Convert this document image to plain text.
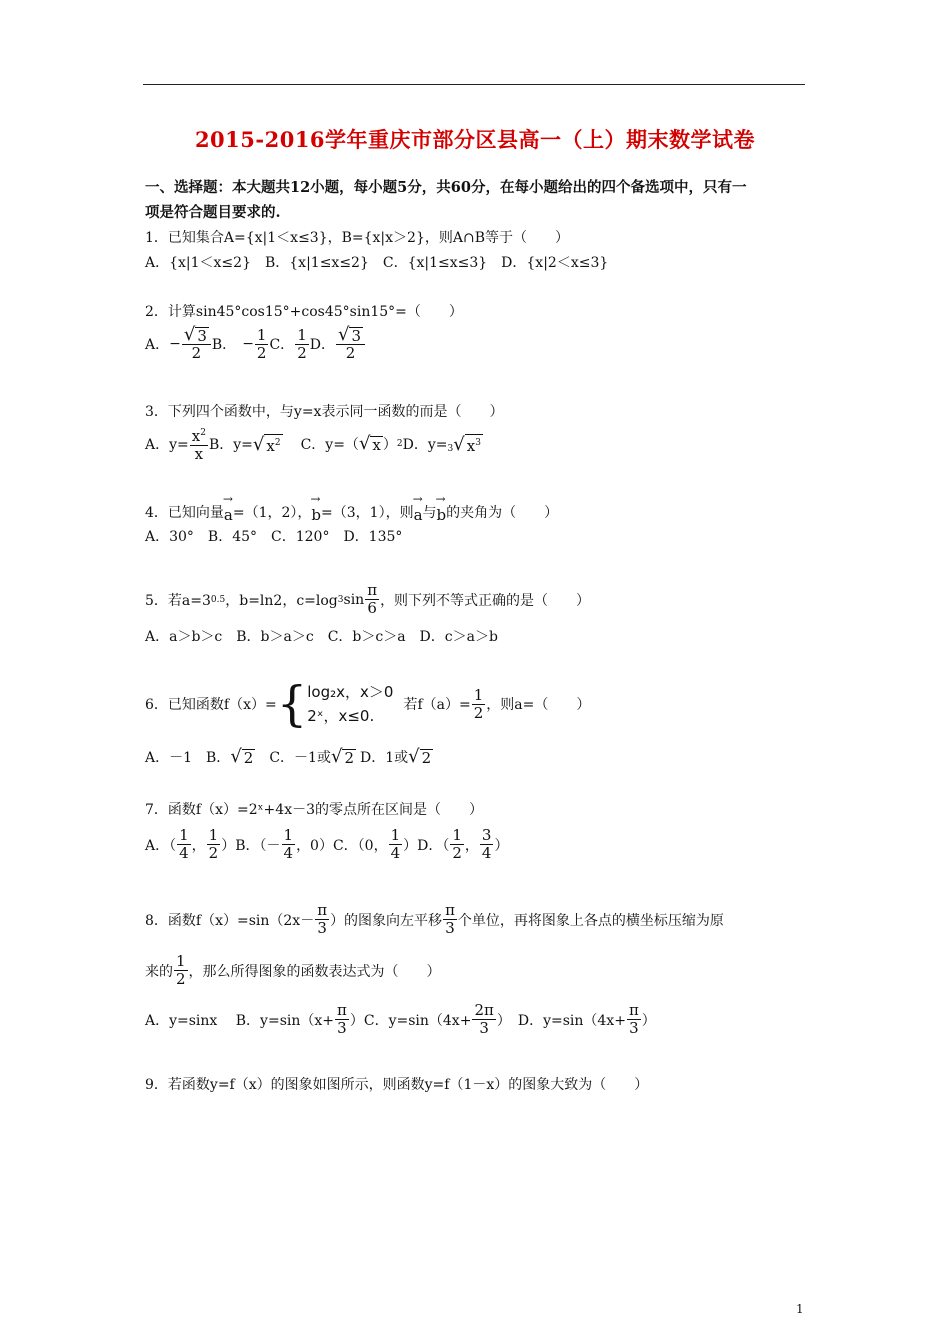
2015-2016学年重庆市部分区县高一（上）期末数学试卷
一、选择题：本大题共12小题，每小题5分，共60分，在每小题给出的四个备选项中，只有一
项是符合题目要求的.
1．已知集合A={x|1＜x≤3}，B={x|x＞2}，则A∩B等于（　　）
A．{x|1＜x≤2}　B．{x|1≤x≤2}　C．{x|1≤x≤3}　D．{x|2＜x≤3}
2．计算sin45°cos15°+cos45°sin15°=（　　）
A． − $\frac{√ 3}{2}$ B． − $\frac{1}{2}$ C． $\frac{1}{2}$ D． $\frac{√ 3}{2}$
3．下列四个函数中，与y=x表示同一函数的而是（　　）
A．$y= \frac{x^2}{x}$ B．y= √ $x^2$ C．y=（ √ x ） 2 D．y= 3 √ $x^3$
4．已知向量 → a =（1，2）， → b =（3，1），则 → a 与 → b 的夹角为（　　）
A．30°　B．45°　C．120°　D．135°
5．若a=3 0.5 ，b=ln2，c=log 3 $\sin \frac{\pi}{6}$ ，则下列不等式正确的是（　　）
A．a＞b＞c　B．b＞a＞c　C．b＞c＞a　D．c＞a＞b
6．已知函数f（x）= { log₂x，x＞0
2ˣ，x≤0.
若$f(a)= \frac{1}{2}$ ，则a=（　　）
A．－1　B． √ 2 　C．－1或 √ 2 D．1或 √ 2
7．函数f（x）=2ˣ+4x－3的零点所在区间是（　　）
A．（ $\frac{1}{4}$ ， $\frac{1}{2} )B$．（－ $\frac{1}{4}$ ，0）C．（0， $\frac{1}{4} )D$．（ $\frac{1}{2}$ ， $\frac{3}{4}$ ）
8．函数$f(x)=\sin(2x- \frac{\pi}{3}$ ）的图象向左平移 $\frac{\pi}{3}$ 个单位，再将图象上各点的横坐标压缩为原
来的 $\frac{1}{2}$ ，那么所得图象的函数表达式为（　　）
A．y=sinx　 B．$y=\sin(x+ \frac{\pi}{3} )C$．$y=\sin(4x+ \frac{2\pi}{3}$ ）　D．$y=\sin(4x+ \frac{\pi}{3}$ ）
9．若函数y=f（x）的图象如图所示，则函数y=f（1－x）的图象大致为（　　）
1
